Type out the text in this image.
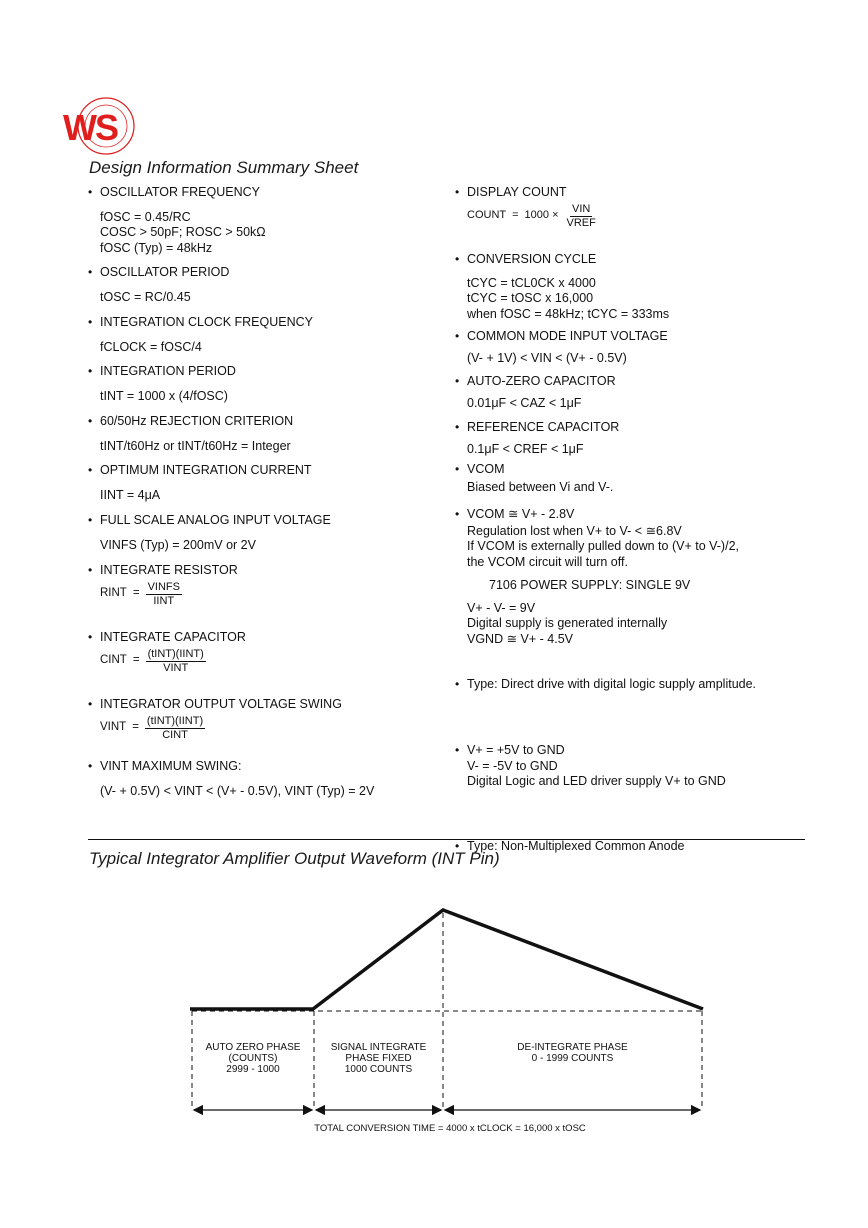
WS
Design Information Summary Sheet
• OSCILLATOR FREQUENCY
fOSC = 0.45/RC
COSC > 50pF; ROSC > 50kΩ
fOSC (Typ) = 48kHz
• OSCILLATOR PERIOD
tOSC = RC/0.45
• INTEGRATION CLOCK FREQUENCY
fCLOCK = fOSC/4
• INTEGRATION PERIOD
tINT = 1000 x (4/fOSC)
• 60/50Hz REJECTION CRITERION
tINT/t60Hz or tINT/t60Hz = Integer
• OPTIMUM INTEGRATION CURRENT
IINT = 4μA
• FULL SCALE ANALOG INPUT VOLTAGE
VINFS (Typ) = 200mV or 2V
• INTEGRATE RESISTOR
RINT = $\frac{\text{VINFS}}{\text{IINT}}$
• INTEGRATE CAPACITOR
CINT = $\frac{\text{(tINT)(IINT)}}{\text{VINT}}$
• INTEGRATOR OUTPUT VOLTAGE SWING
VINT = $\frac{\text{(tINT)(IINT)}}{\text{CINT}}$
• VINT MAXIMUM SWING:
(V- + 0.5V) < VINT < (V+ - 0.5V), VINT (Typ) = 2V
• DISPLAY COUNT
COUNT = $1000 \times \frac{\text{VIN}}{\text{VREF}}$
• CONVERSION CYCLE
tCYC = tCL0CK x 4000
tCYC = tOSC x 16,000
when fOSC = 48kHz; tCYC = 333ms
• COMMON MODE INPUT VOLTAGE
(V- + 1V) < VIN < (V+ - 0.5V)
• AUTO-ZERO CAPACITOR
0.01μF < CAZ < 1μF
• REFERENCE CAPACITOR
0.1μF < CREF < 1μF
• VCOM
Biased between Vi and V-.
• VCOM ≅ V+ - 2.8V
Regulation lost when V+ to V- < ≅6.8V
If VCOM is externally pulled down to (V+ to V-)/2,
the VCOM circuit will turn off.
7106 POWER SUPPLY: SINGLE 9V
V+ - V- = 9V
Digital supply is generated internally
VGND ≅ V+ - 4.5V
• Type: Direct drive with digital logic supply amplitude.
• V+ = +5V to GND
V- = -5V to GND
Digital Logic and LED driver supply V+ to GND
• Type: Non-Multiplexed Common Anode
Typical Integrator Amplifier Output Waveform (INT Pin)
AUTO ZERO PHASE
(COUNTS)
2999 - 1000
SIGNAL INTEGRATE
PHASE FIXED
1000 COUNTS
DE-INTEGRATE PHASE
0 - 1999 COUNTS
TOTAL CONVERSION TIME = 4000 x tCLOCK = 16,000 x tOSC
